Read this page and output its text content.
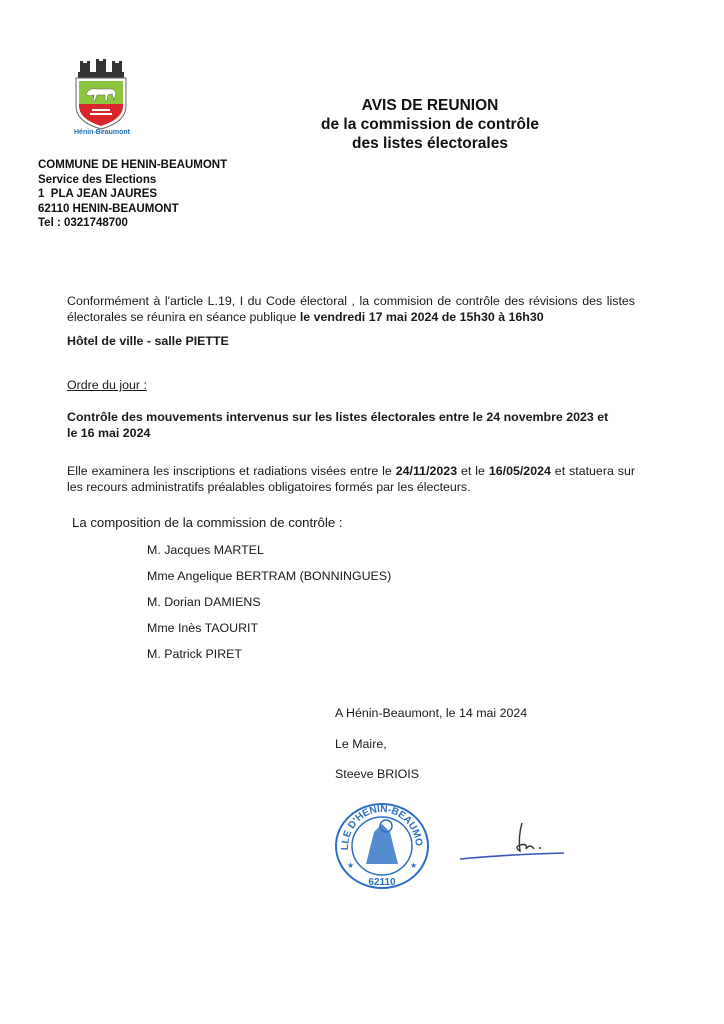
Hénin-Beaumont
AVIS DE REUNION
de la commission de contrôle
des listes électorales
COMMUNE DE HENIN-BEAUMONT
Service des Elections
1  PLA JEAN JAURES
62110 HENIN-BEAUMONT
Tel : 0321748700
Conformément à l'article L.19, I du Code électoral , la commision de contrôle des révisions des listes électorales se réunira en séance publique le vendredi 17 mai 2024 de 15h30 à 16h30
Hôtel de ville - salle PIETTE
Ordre du jour :
Contrôle des mouvements intervenus sur les listes électorales entre le 24 novembre 2023 et le 16 mai 2024
Elle examinera les inscriptions et radiations visées entre le 24/11/2023 et le 16/05/2024 et statuera sur les recours administratifs préalables obligatoires formés par les électeurs.
La composition de la commission de contrôle :
M. Jacques MARTEL
Mme Angelique BERTRAM (BONNINGUES)
M. Dorian DAMIENS
Mme Inès TAOURIT
M. Patrick PIRET
A Hénin-Beaumont, le 14 mai 2024
Le Maire,
Steeve BRIOIS
LLE D'HENIN-BEAUMO
★	★
62110
